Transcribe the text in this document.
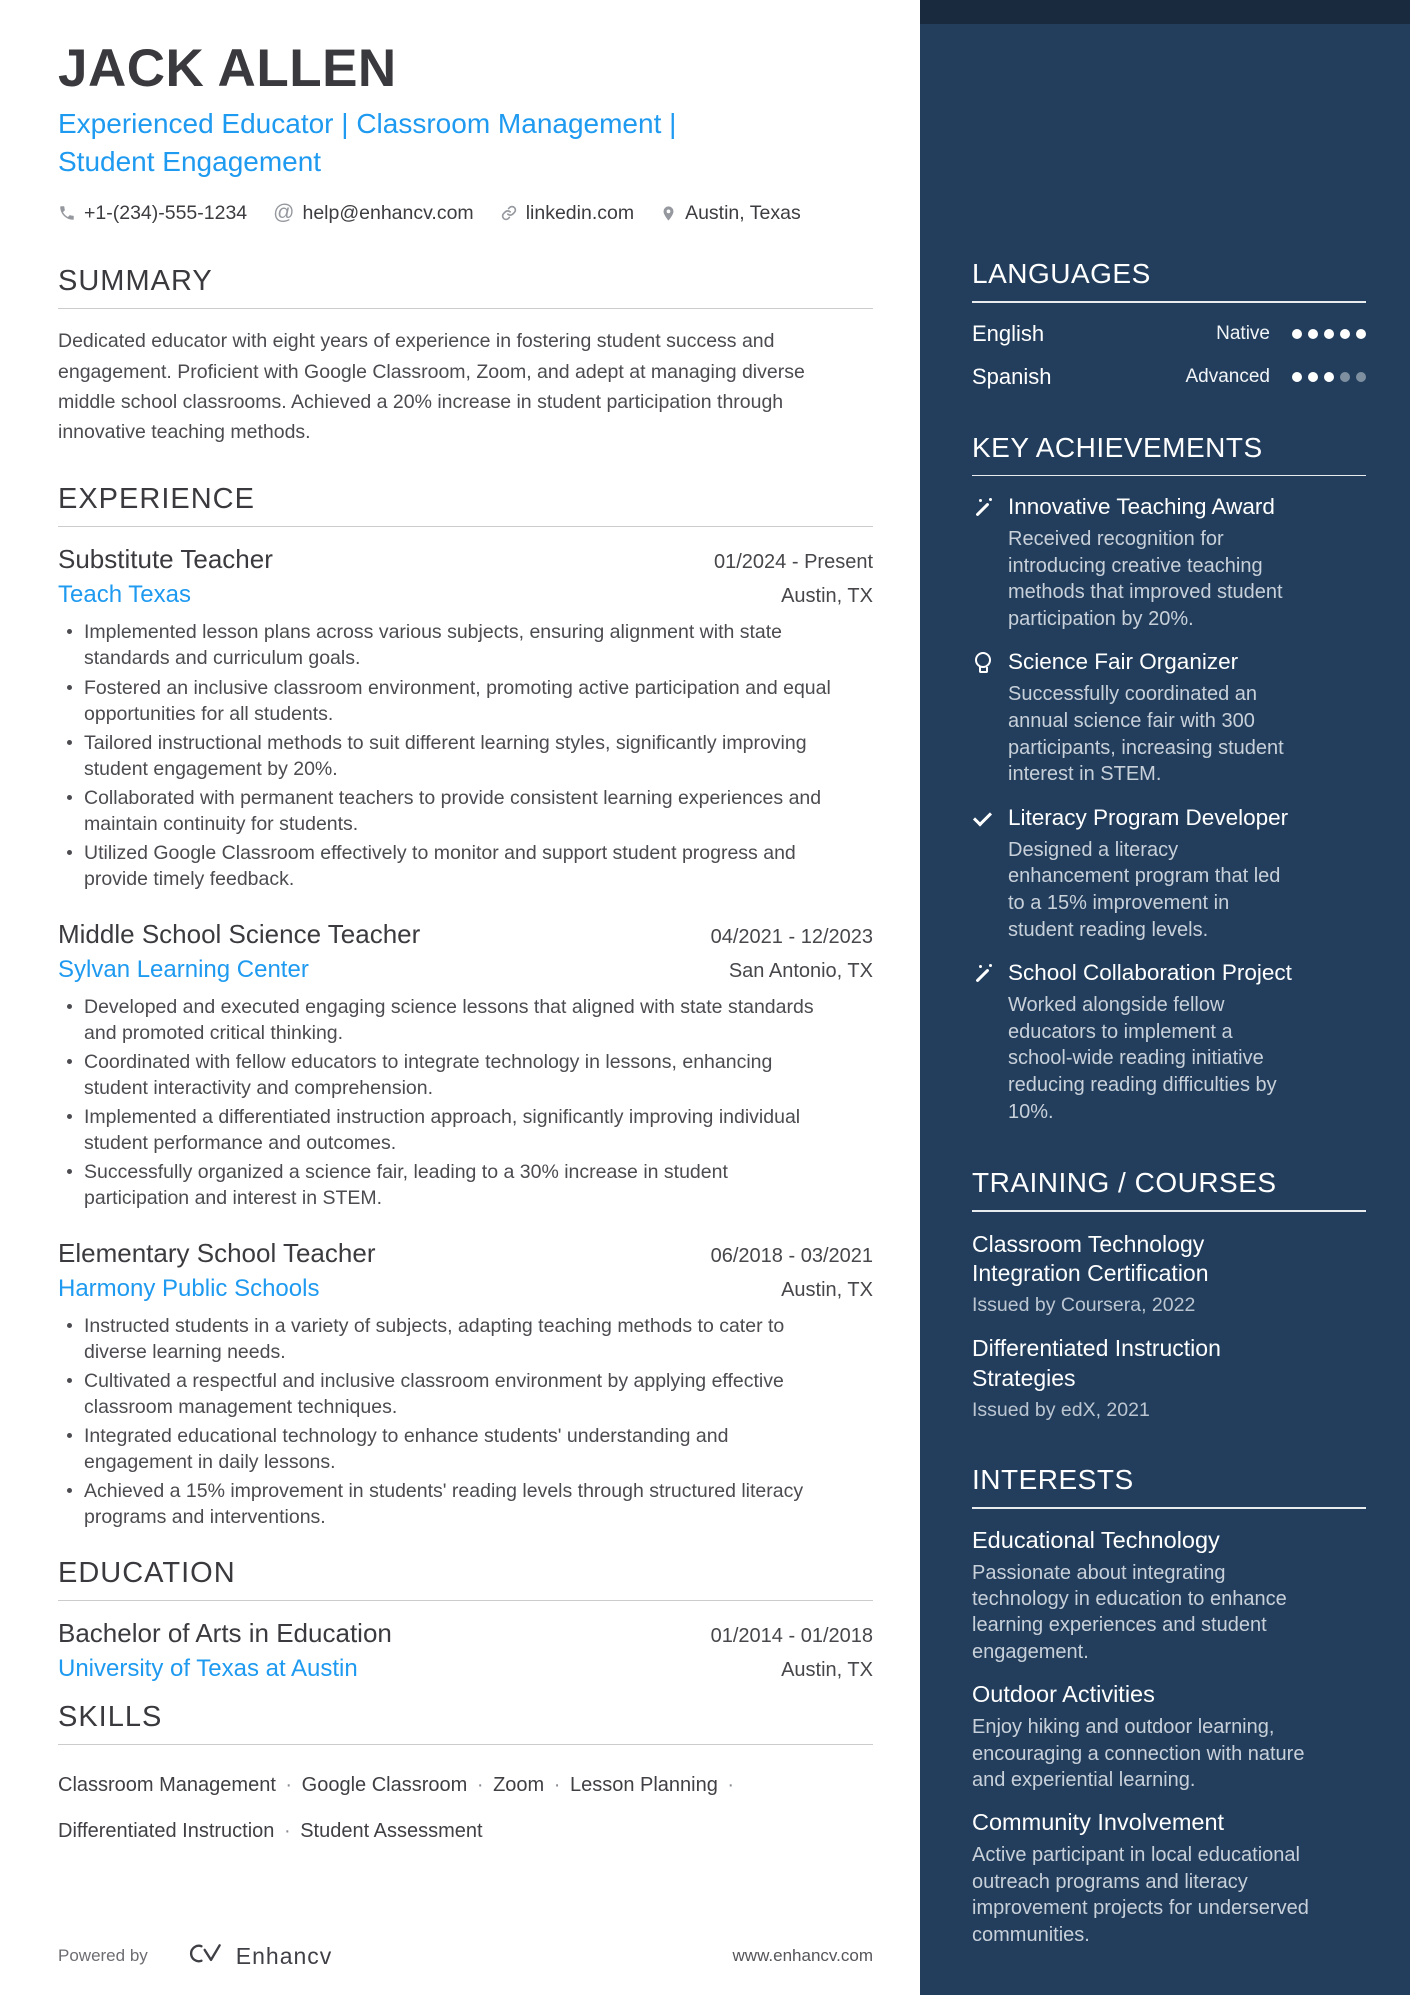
JACK ALLEN
Experienced Educator | Classroom Management | Student Engagement
+1-(234)-555-1234 @ help@enhancv.com	linkedin.com	Austin, Texas
SUMMARY

Dedicated educator with eight years of experience in fostering student success and engagement. Proficient with Google Classroom, Zoom, and adept at managing diverse middle school classrooms. Achieved a 20% increase in student participation through innovative teaching methods.

EXPERIENCE
Substitute Teacher	01/2024 - Present
Teach Texas	Austin, TX
Implemented lesson plans across various subjects, ensuring alignment with state standards and curriculum goals.
Fostered an inclusive classroom environment, promoting active participation and equal opportunities for all students.
Tailored instructional methods to suit different learning styles, significantly improving student engagement by 20%.
Collaborated with permanent teachers to provide consistent learning experiences and maintain continuity for students.
Utilized Google Classroom effectively to monitor and support student progress and provide timely feedback.
Middle School Science Teacher	04/2021 - 12/2023
Sylvan Learning Center	San Antonio, TX
Developed and executed engaging science lessons that aligned with state standards and promoted critical thinking.
Coordinated with fellow educators to integrate technology in lessons, enhancing student interactivity and comprehension.
Implemented a differentiated instruction approach, significantly improving individual student performance and outcomes.
Successfully organized a science fair, leading to a 30% increase in student participation and interest in STEM.
Elementary School Teacher	06/2018 - 03/2021
Harmony Public Schools	Austin, TX
Instructed students in a variety of subjects, adapting teaching methods to cater to diverse learning needs.
Cultivated a respectful and inclusive classroom environment by applying effective classroom management techniques.
Integrated educational technology to enhance students' understanding and engagement in daily lessons.
Achieved a 15% improvement in students' reading levels through structured literacy programs and interventions.
EDUCATION
Bachelor of Arts in Education	01/2014 - 01/2018
University of Texas at Austin	Austin, TX
SKILLS
Classroom Management · Google Classroom · Zoom · Lesson Planning · Differentiated Instruction · Student Assessment
Powered by	Enhancv	www.enhancv.com
LANGUAGES
English	Native
Spanish	Advanced
KEY ACHIEVEMENTS
Innovative Teaching Award
Received recognition for introducing creative teaching methods that improved student participation by 20%.
Science Fair Organizer
Successfully coordinated an annual science fair with 300 participants, increasing student interest in STEM.
Literacy Program Developer
Designed a literacy enhancement program that led to a 15% improvement in student reading levels.
School Collaboration Project
Worked alongside fellow educators to implement a school-wide reading initiative reducing reading difficulties by 10%.
TRAINING / COURSES
Classroom Technology Integration Certification
Issued by Coursera, 2022
Differentiated Instruction Strategies
Issued by edX, 2021
INTERESTS
Educational Technology
Passionate about integrating technology in education to enhance learning experiences and student engagement.
Outdoor Activities
Enjoy hiking and outdoor learning, encouraging a connection with nature and experiential learning.
Community Involvement
Active participant in local educational outreach programs and literacy improvement projects for underserved communities.
